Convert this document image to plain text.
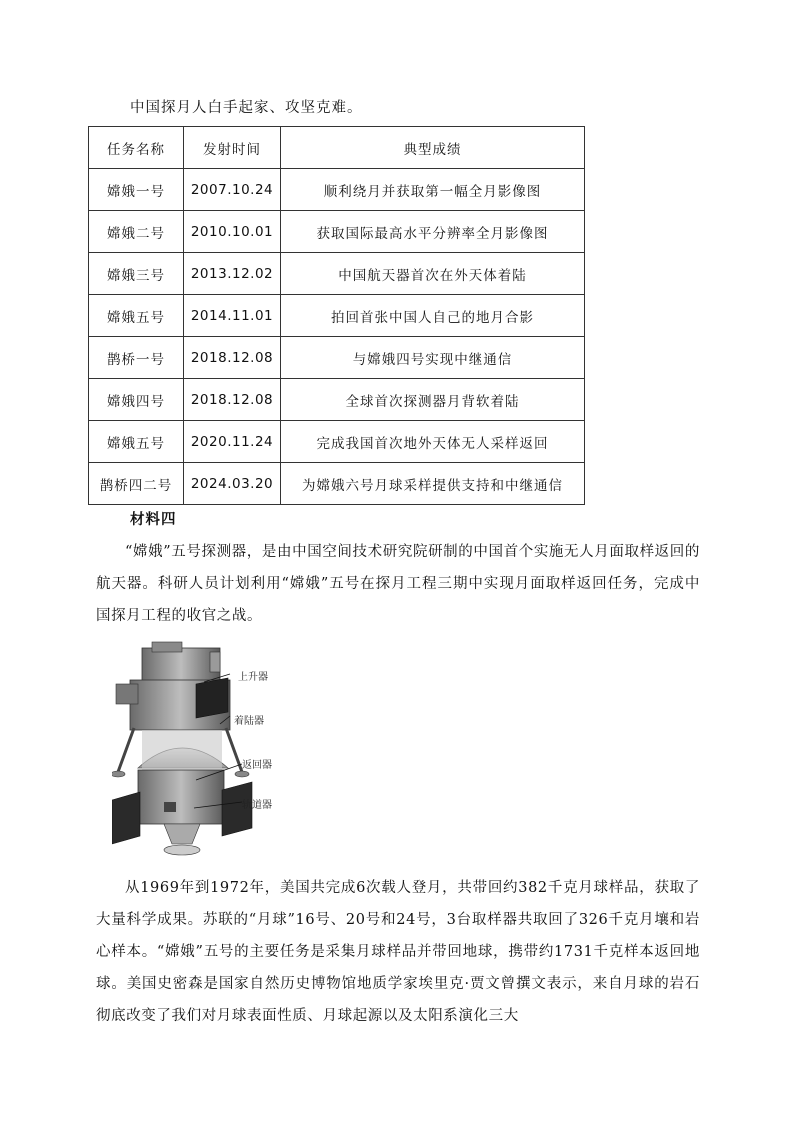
中国探月人白手起家、攻坚克难。
任务名称	发射时间	典型成绩
嫦娥一号	2007.10.24	顺利绕月并获取第一幅全月影像图
嫦娥二号	2010.10.01	获取国际最高水平分辨率全月影像图
嫦娥三号	2013.12.02	中国航天器首次在外天体着陆
嫦娥五号	2014.11.01	拍回首张中国人自己的地月合影
鹊桥一号	2018.12.08	与嫦娥四号实现中继通信
嫦娥四号	2018.12.08	全球首次探测器月背软着陆
嫦娥五号	2020.11.24	完成我国首次地外天体无人采样返回
鹊桥四二号	2024.03.20	为嫦娥六号月球采样提供支持和中继通信
材料四

“嫦娥”五号探测器，是由中国空间技术研究院研制的中国首个实施无人月面取样返回的航天器。科研人员计划利用“嫦娥”五号在探月工程三期中实现月面取样返回任务，完成中国探月工程的收官之战。

上升器
着陆器
返回器
轨道器

从1969年到1972年，美国共完成6次载人登月，共带回约382千克月球样品，获取了大量科学成果。苏联的“月球”16号、20号和24号，3台取样器共取回了326千克月壤和岩心样本。“嫦娥”五号的主要任务是采集月球样品并带回地球，携带约1731千克样本返回地球。美国史密森是国家自然历史博物馆地质学家埃里克·贾文曾撰文表示，来自月球的岩石彻底改变了我们对月球表面性质、月球起源以及太阳系演化三大
